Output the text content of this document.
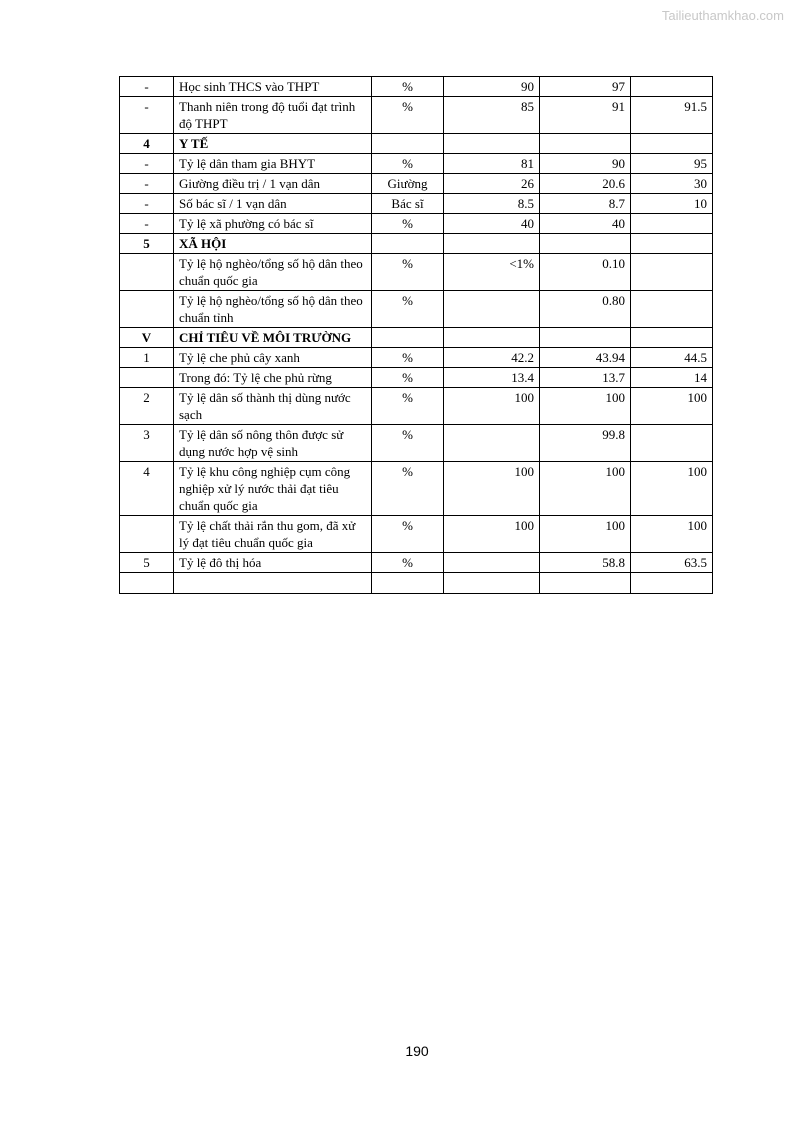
Tailieuthamkhao.com
-	Học sinh THCS vào THPT	%	90	97	
-	Thanh niên trong độ tuổi đạt trình độ THPT	%	85	91	91.5
4	Y TẾ				
-	Tỷ lệ dân tham gia BHYT	%	81	90	95
-	Giường điều trị / 1 vạn dân	Giường	26	20.6	30
-	Số bác sĩ / 1 vạn dân	Bác sĩ	8.5	8.7	10
-	Tỷ lệ xã phường có bác sĩ	%	40	40	
5	XÃ HỘI				
	Tỷ lệ hộ nghèo/tổng số hộ dân theo chuẩn quốc gia	%	<1%	0.10	
	Tỷ lệ hộ nghèo/tổng số hộ dân theo chuẩn tỉnh	%		0.80	
V	CHỈ TIÊU VỀ MÔI TRƯỜNG				
1	Tỷ lệ che phủ cây xanh	%	42.2	43.94	44.5
	Trong đó: Tỷ lệ che phủ rừng	%	13.4	13.7	14
2	Tỷ lệ dân số thành thị dùng nước sạch	%	100	100	100
3	Tỷ lệ dân số nông thôn được sử dụng nước hợp vệ sinh	%		99.8	
4	Tỷ lệ khu công nghiệp cụm công nghiệp xử lý nước thải đạt tiêu chuẩn quốc gia	%	100	100	100
	Tỷ lệ chất thải rắn thu gom, đã xử lý đạt tiêu chuẩn quốc gia	%	100	100	100
5	Tỷ lệ đô thị hóa	%		58.8	63.5

190
